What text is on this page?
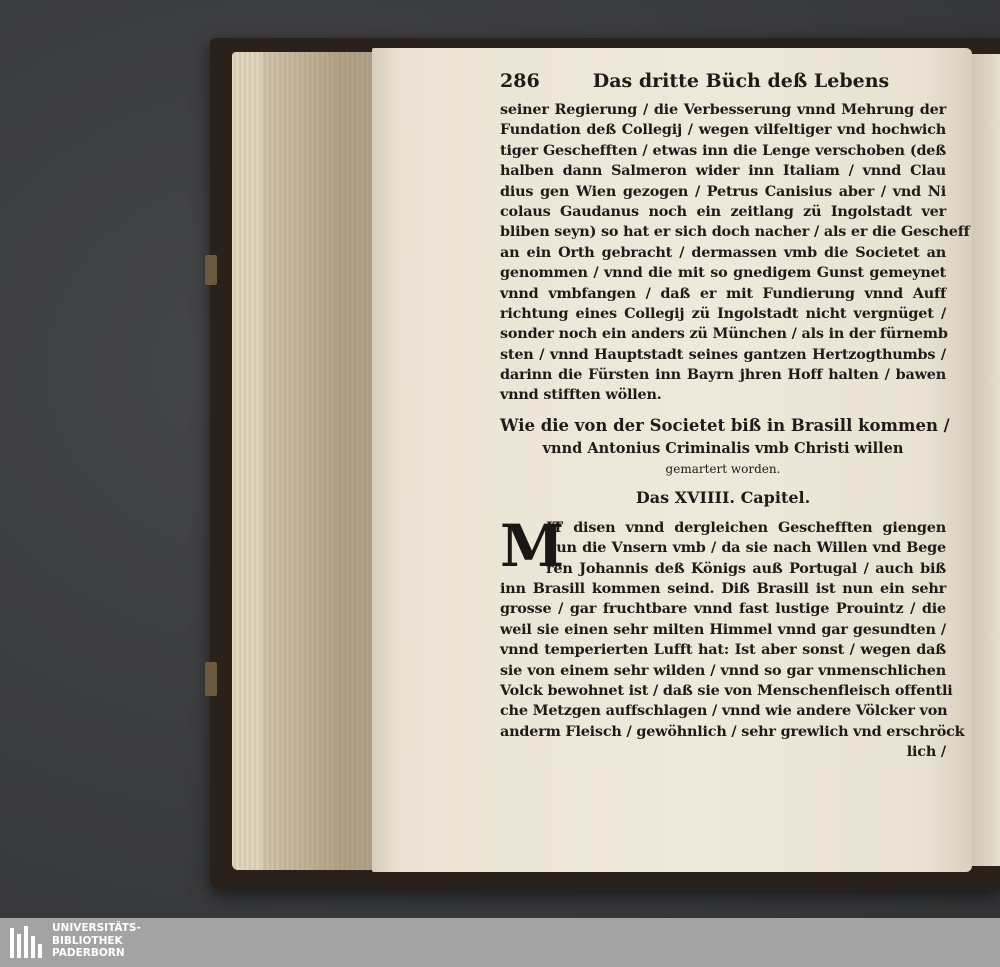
286	Das dritte Büch deß Lebens
seiner Regierung / die Verbesserung vnnd Mehrung der
Fundation deß Collegij / wegen vilfeltiger vnd hochwich
tiger Geschefften / etwas inn die Lenge verschoben (deß
halben dann Salmeron wider inn Italiam / vnnd Clau
dius gen Wien gezogen / Petrus Canisius aber / vnd Ni
colaus Gaudanus noch ein zeitlang zü Ingolstadt ver
bliben seyn) so hat er sich doch nacher / als er die Gescheff
an ein Orth gebracht / dermassen vmb die Societet an
genommen / vnnd die mit so gnedigem Gunst gemeynet
vnnd vmbfangen / daß er mit Fundierung vnnd Auff
richtung eines Collegij zü Ingolstadt nicht vergnüget /
sonder noch ein anders zü München / als in der fürnemb
sten / vnnd Hauptstadt seines gantzen Hertzogthumbs /
darinn die Fürsten inn Bayrn jhren Hoff halten / bawen
vnnd stifften wöllen.
Wie die von der Societet biß in Brasill kommen /
vnnd Antonius Criminalis vmb Christi willen
gemartert worden.
Das XVIIII. Capitel.
M
IT disen vnnd dergleichen Geschefften giengen
nun die Vnsern vmb / da sie nach Willen vnd Bege
ren Johannis deß Königs auß Portugal / auch biß
inn Brasill kommen seind. Diß Brasill ist nun ein sehr
grosse / gar fruchtbare vnnd fast lustige Prouintz / die
weil sie einen sehr milten Himmel vnnd gar gesundten /
vnnd temperierten Lufft hat: Ist aber sonst / wegen daß
sie von einem sehr wilden / vnnd so gar vnmenschlichen
Volck bewohnet ist / daß sie von Menschenfleisch offentli
che Metzgen auffschlagen / vnnd wie andere Völcker von
anderm Fleisch / gewöhnlich / sehr grewlich vnd erschröck
lich /
UNIVERSITÄTS-
BIBLIOTHEK
PADERBORN
